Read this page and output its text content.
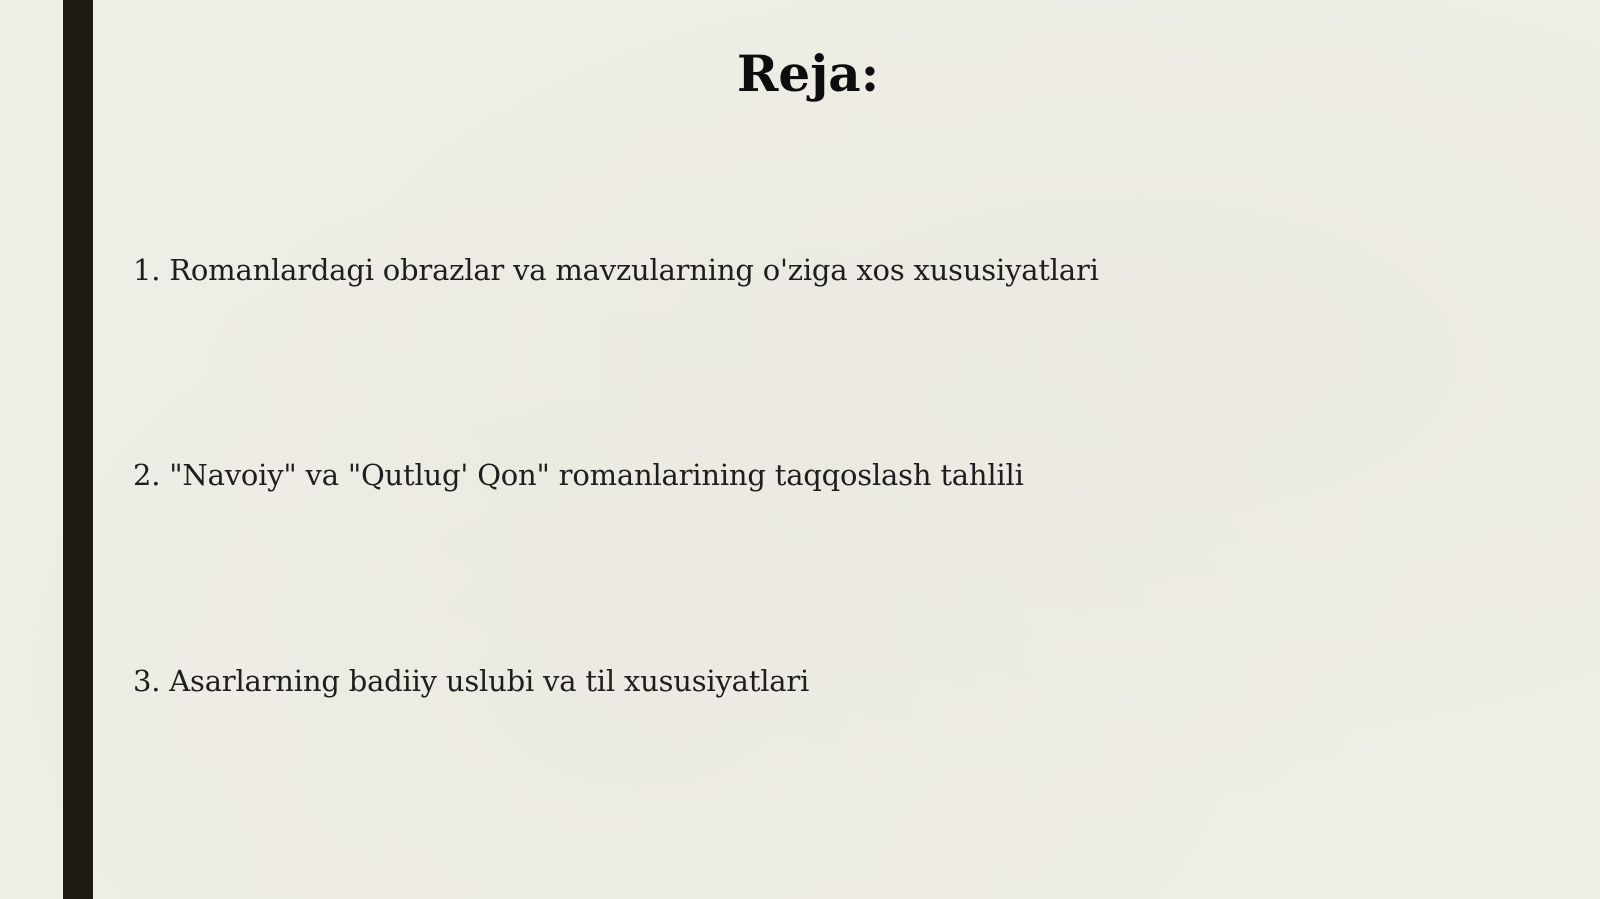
Reja:
1. Romanlardagi obrazlar va mavzularning o'ziga xos xususiyatlari
2. "Navoiy" va "Qutlug' Qon" romanlarining taqqoslash tahlili
3. Asarlarning badiiy uslubi va til xususiyatlari
